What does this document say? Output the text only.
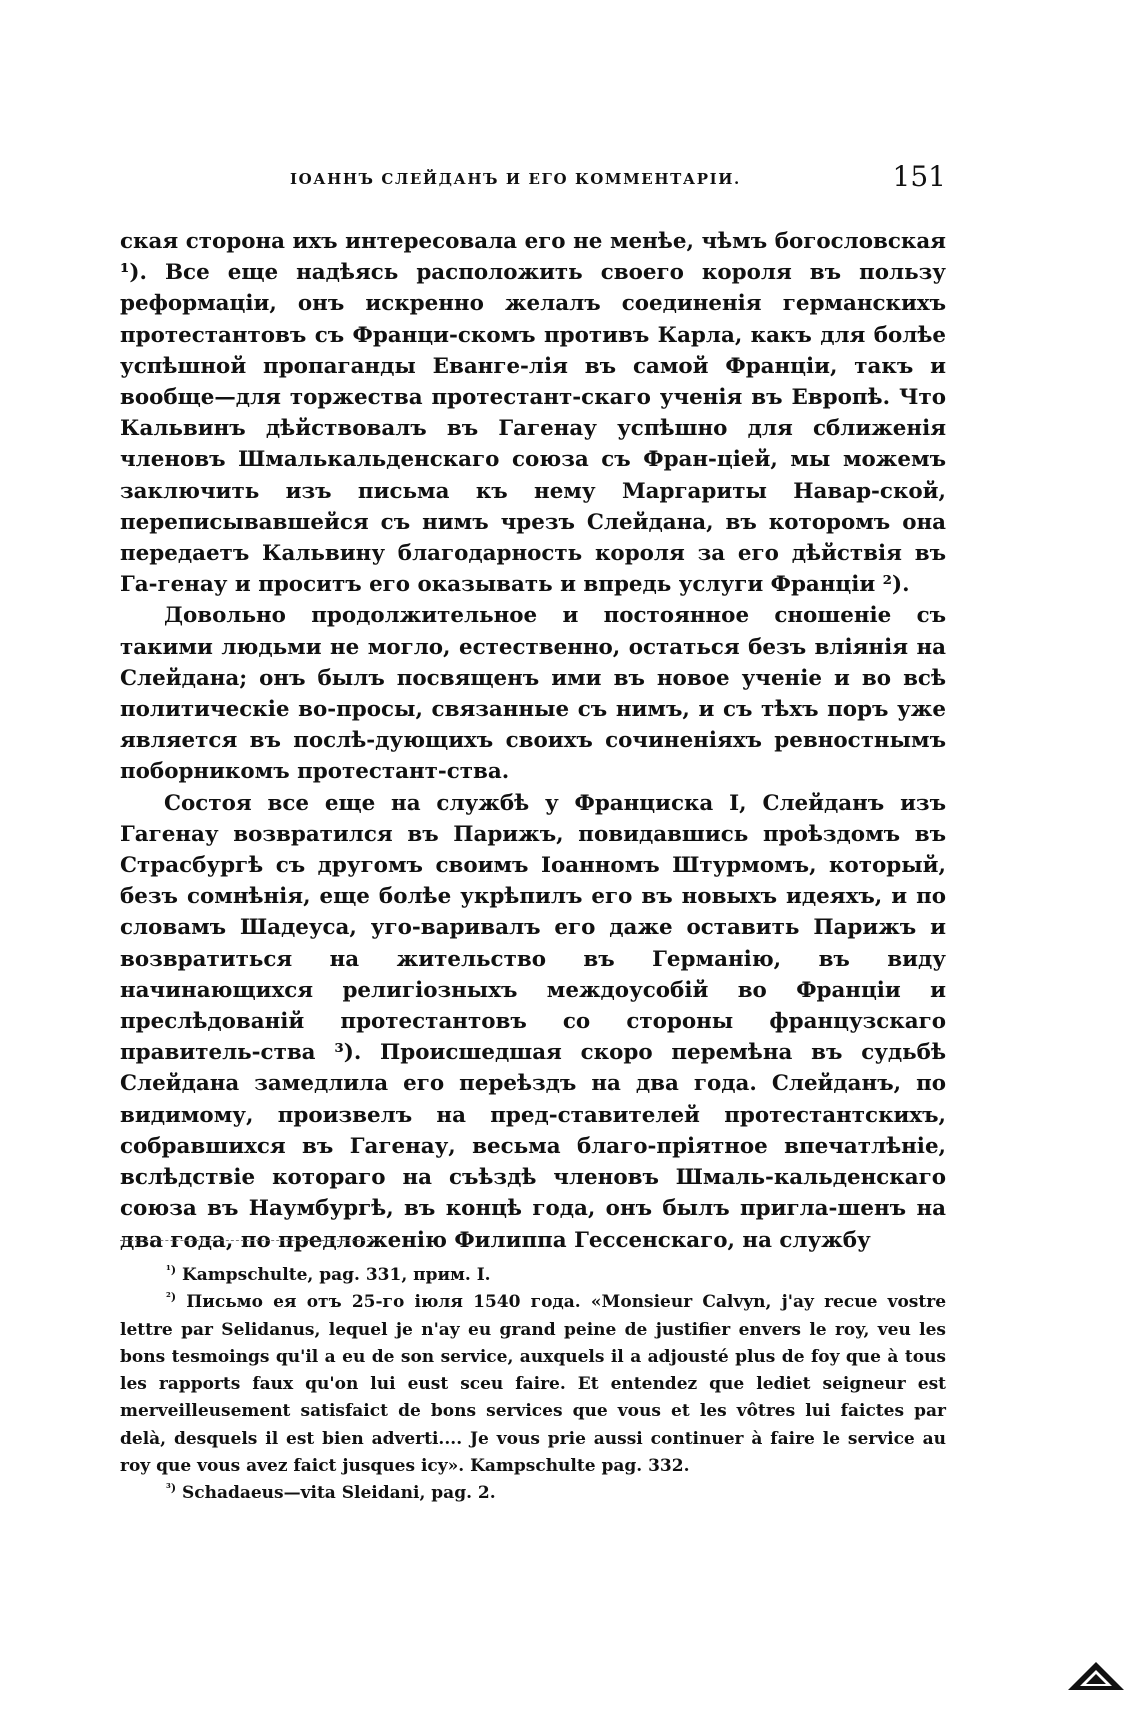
ІОАННЪ СЛЕЙДАНЪ И ЕГО КОММЕНТАРІИ.	151

ская сторона ихъ интересовала его не менѣе, чѣмъ богословская ¹). Все еще надѣясь расположить своего короля въ пользу реформаціи, онъ искренно желалъ соединенія германскихъ протестантовъ съ Франци-скомъ противъ Карла, какъ для болѣе успѣшной пропаганды Еванге-лія въ самой Франціи, такъ и вообще—для торжества протестант-скаго ученія въ Европѣ. Что Кальвинъ дѣйствовалъ въ Гагенау успѣшно для сближенія членовъ Шмалькальденскаго союза съ Фран-ціей, мы можемъ заключить изъ письма къ нему Маргариты Навар-ской, переписывавшейся съ нимъ чрезъ Слейдана, въ которомъ она передаетъ Кальвину благодарность короля за его дѣйствія въ Га-генау и проситъ его оказывать и впредь услуги Франціи ²).

Довольно продолжительное и постоянное сношеніе съ такими людьми не могло, естественно, остаться безъ вліянія на Слейдана; онъ былъ посвященъ ими въ новое ученіе и во всѣ политическіе во-просы, связанные съ нимъ, и съ тѣхъ поръ уже является въ послѣ-дующихъ своихъ сочиненіяхъ ревностнымъ поборникомъ протестант-ства.

Состоя все еще на службѣ у Франциска I, Слейданъ изъ Гагенау возвратился въ Парижъ, повидавшись проѣздомъ въ Страсбургѣ съ другомъ своимъ Іоанномъ Штурмомъ, который, безъ сомнѣнія, еще болѣе укрѣпилъ его въ новыхъ идеяхъ, и по словамъ Шадеуса, уго-варивалъ его даже оставить Парижъ и возвратиться на жительство въ Германію, въ виду начинающихся религіозныхъ междоусобій во Франціи и преслѣдованій протестантовъ со стороны французскаго правитель-ства ³). Происшедшая скоро перемѣна въ судьбѣ Слейдана замедлила его переѣздъ на два года. Слейданъ, по видимому, произвелъ на пред-ставителей протестантскихъ, собравшихся въ Гагенау, весьма благо-пріятное впечатлѣніе, вслѣдствіе котораго на съѣздѣ членовъ Шмаль-кальденскаго союза въ Наумбургѣ, въ концѣ года, онъ былъ пригла-шенъ на два года, по предложенію Филиппа Гессенскаго, на службу

$^{^1)}$ Kampschulte, pag. 331, прим. I.

$^{^2)}$ Письмо ея отъ 25-го іюля 1540 года. «Monsieur Calvyn, j'ay recue vostre lettre par Selidanus, lequel je n'ay eu grand peine de justifier envers le roy, veu les bons tesmoings qu'il a eu de son service, auxquels il a adjousté plus de foy que à tous les rapports faux qu'on lui eust sceu faire. Et entendez que lediet seigneur est merveilleusement satisfaict de bons services que vous et les vôtres lui faictes par delà, desquels il est bien adverti.... Je vous prie aussi continuer à faire le service au roy que vous avez faict jusques icy». Kampschulte pag. 332.

$^{^3)}$ Schadaeus—vita Sleidani, pag. 2.
